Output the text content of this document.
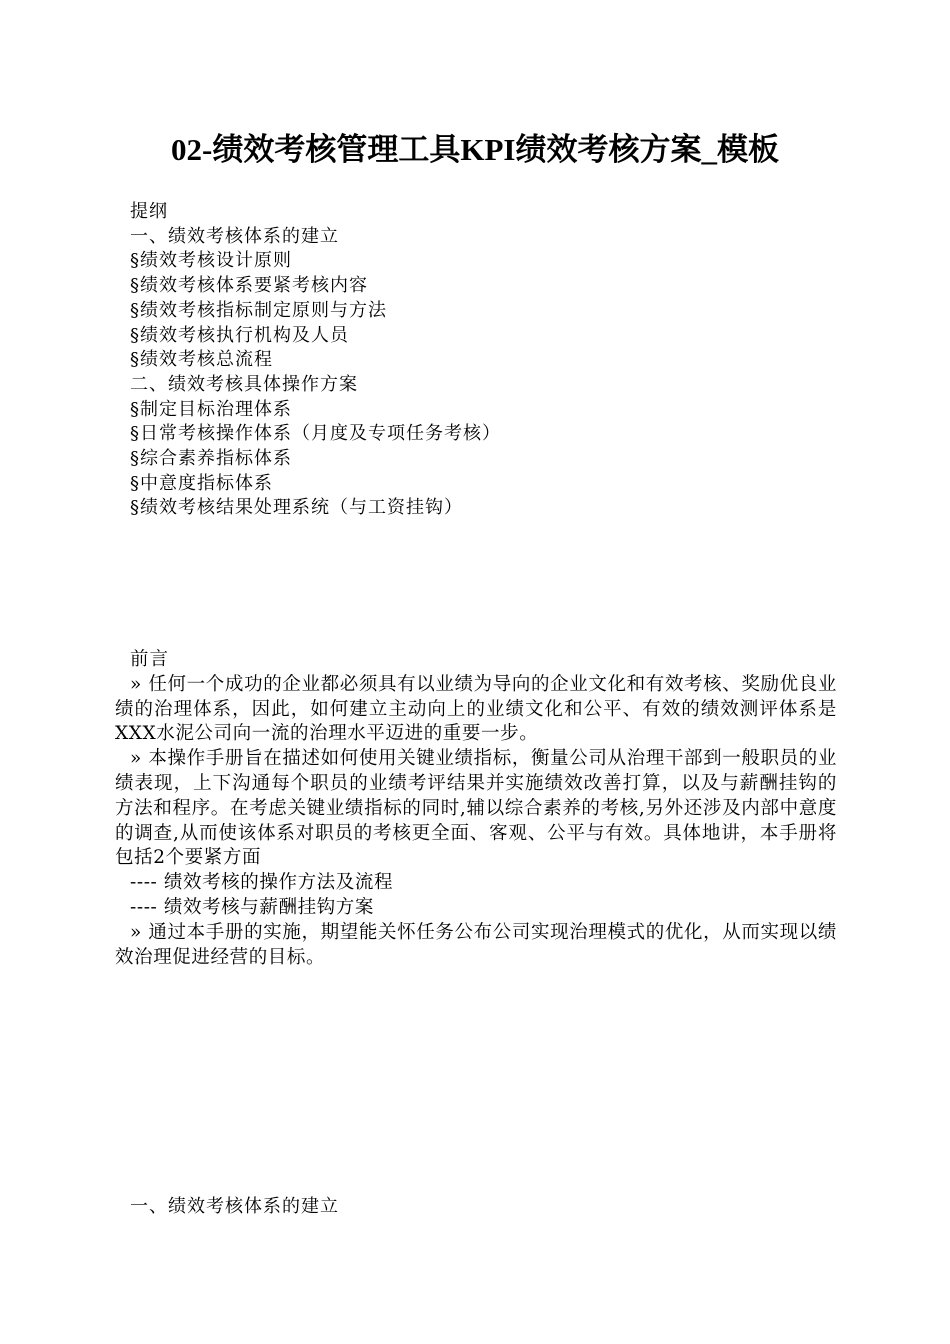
02-绩效考核管理工具KPI绩效考核方案_模板
提纲
一、绩效考核体系的建立
§绩效考核设计原则
§绩效考核体系要紧考核内容
§绩效考核指标制定原则与方法
§绩效考核执行机构及人员
§绩效考核总流程
二、绩效考核具体操作方案
§制定目标治理体系
§日常考核操作体系（月度及专项任务考核）
§综合素养指标体系
§中意度指标体系
§绩效考核结果处理系统（与工资挂钩）
前言
» 任何一个成功的企业都必须具有以业绩为导向的企业文化和有效考核、奖励优良业绩的治理体系，因此，如何建立主动向上的业绩文化和公平、有效的绩效测评体系是XXX水泥公司向一流的治理水平迈进的重要一步。
» 本操作手册旨在描述如何使用关键业绩指标，衡量公司从治理干部到一般职员的业绩表现，上下沟通每个职员的业绩考评结果并实施绩效改善打算，以及与薪酬挂钩的方法和程序。在考虑关键业绩指标的同时,辅以综合素养的考核,另外还涉及内部中意度的调查,从而使该体系对职员的考核更全面、客观、公平与有效。具体地讲，本手册将包括2个要紧方面
---- 绩效考核的操作方法及流程
---- 绩效考核与薪酬挂钩方案
» 通过本手册的实施，期望能关怀任务公布公司实现治理模式的优化，从而实现以绩效治理促进经营的目标。
一、绩效考核体系的建立
